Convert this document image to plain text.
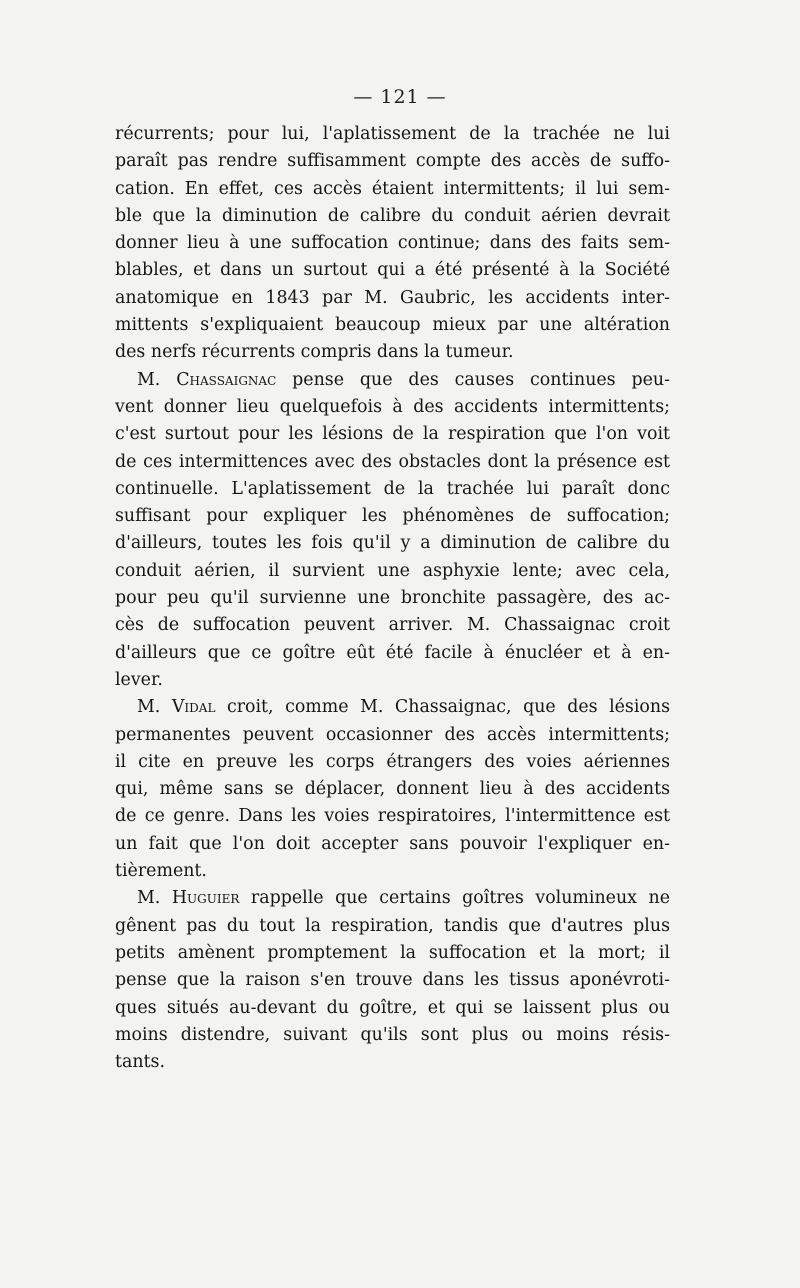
— 121 —
récurrents; pour lui, l'aplatissement de la trachée ne lui
paraît pas rendre suffisamment compte des accès de suffo-
cation. En effet, ces accès étaient intermittents; il lui sem-
ble que la diminution de calibre du conduit aérien devrait
donner lieu à une suffocation continue; dans des faits sem-
blables, et dans un surtout qui a été présenté à la Société
anatomique en 1843 par M. Gaubric, les accidents inter-
mittents s'expliquaient beaucoup mieux par une altération
des nerfs récurrents compris dans la tumeur.
M. Chassaignac pense que des causes continues peu-
vent donner lieu quelquefois à des accidents intermittents;
c'est surtout pour les lésions de la respiration que l'on voit
de ces intermittences avec des obstacles dont la présence est
continuelle. L'aplatissement de la trachée lui paraît donc
suffisant pour expliquer les phénomènes de suffocation;
d'ailleurs, toutes les fois qu'il y a diminution de calibre du
conduit aérien, il survient une asphyxie lente; avec cela,
pour peu qu'il survienne une bronchite passagère, des ac-
cès de suffocation peuvent arriver. M. Chassaignac croit
d'ailleurs que ce goître eût été facile à énucléer et à en-
lever.
M. Vidal croit, comme M. Chassaignac, que des lésions
permanentes peuvent occasionner des accès intermittents;
il cite en preuve les corps étrangers des voies aériennes
qui, même sans se déplacer, donnent lieu à des accidents
de ce genre. Dans les voies respiratoires, l'intermittence est
un fait que l'on doit accepter sans pouvoir l'expliquer en-
tièrement.
M. Huguier rappelle que certains goîtres volumineux ne
gênent pas du tout la respiration, tandis que d'autres plus
petits amènent promptement la suffocation et la mort; il
pense que la raison s'en trouve dans les tissus aponévroti-
ques situés au-devant du goître, et qui se laissent plus ou
moins distendre, suivant qu'ils sont plus ou moins résis-
tants.
